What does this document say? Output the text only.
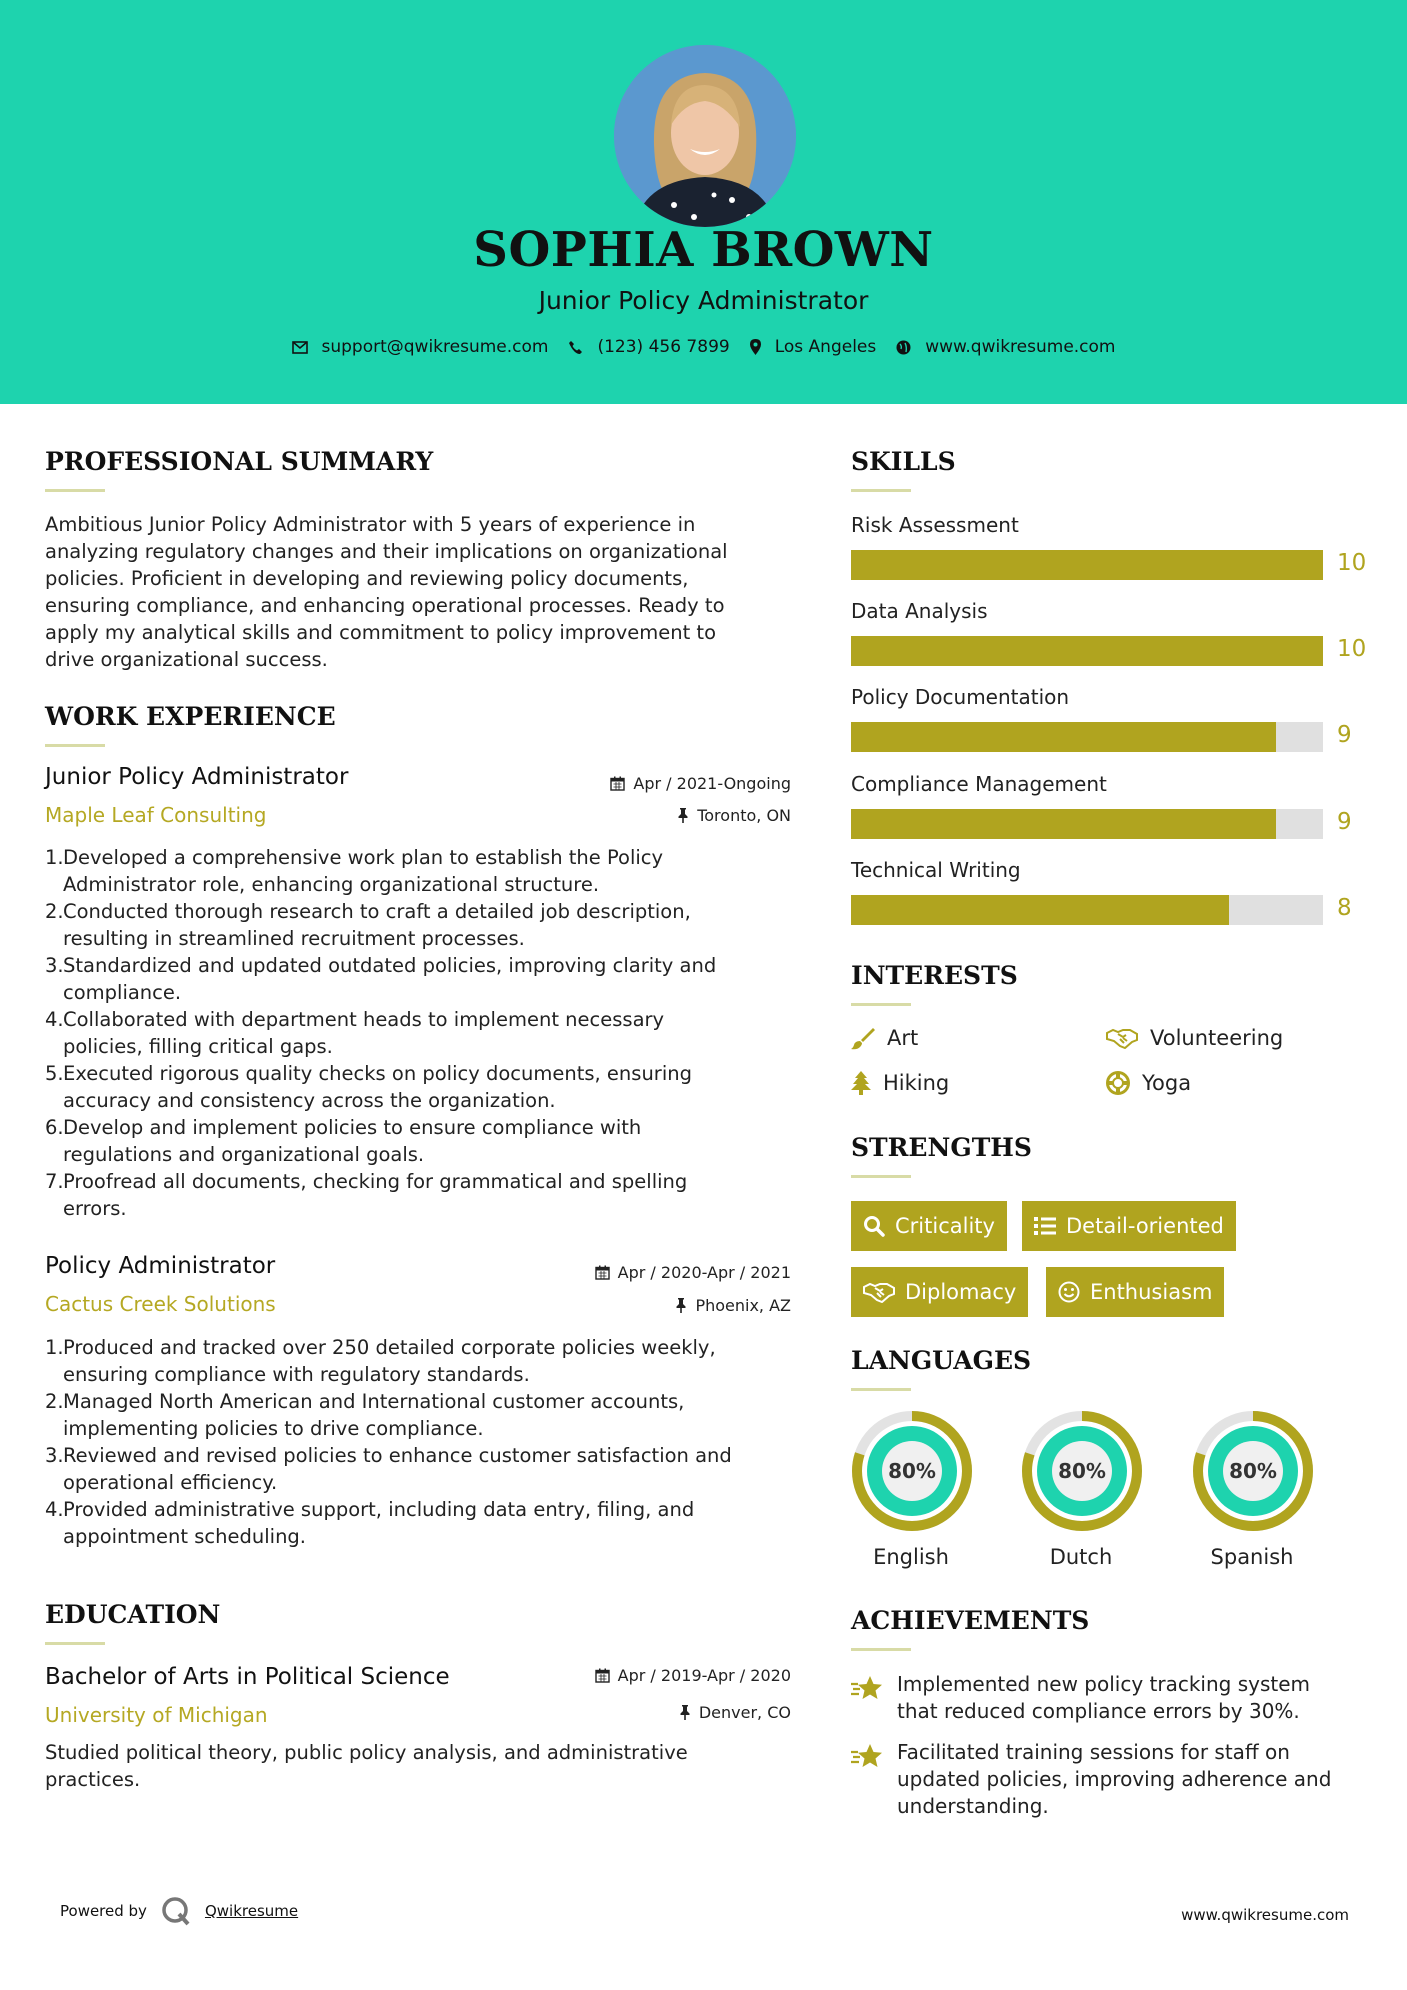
SOPHIA BROWN
Junior Policy Administrator
support@qwikresume.com	(123) 456 7899	Los Angeles	www.qwikresume.com
PROFESSIONAL SUMMARY
Ambitious Junior Policy Administrator with 5 years of experience in
analyzing regulatory changes and their implications on organizational
policies. Proficient in developing and reviewing policy documents,
ensuring compliance, and enhancing operational processes. Ready to
apply my analytical skills and commitment to policy improvement to
drive organizational success.
WORK EXPERIENCE
Junior Policy Administrator	Apr / 2021-Ongoing
Maple Leaf Consulting	Toronto, ON
1. Developed a comprehensive work plan to establish the Policy
Administrator role, enhancing organizational structure.
2. Conducted thorough research to craft a detailed job description,
resulting in streamlined recruitment processes.
3. Standardized and updated outdated policies, improving clarity and
compliance.
4. Collaborated with department heads to implement necessary
policies, filling critical gaps.
5. Executed rigorous quality checks on policy documents, ensuring
accuracy and consistency across the organization.
6. Develop and implement policies to ensure compliance with
regulations and organizational goals.
7. Proofread all documents, checking for grammatical and spelling
errors.
Policy Administrator	Apr / 2020-Apr / 2021
Cactus Creek Solutions	Phoenix, AZ
1. Produced and tracked over 250 detailed corporate policies weekly,
ensuring compliance with regulatory standards.
2. Managed North American and International customer accounts,
implementing policies to drive compliance.
3. Reviewed and revised policies to enhance customer satisfaction and
operational efficiency.
4. Provided administrative support, including data entry, filing, and
appointment scheduling.
EDUCATION
Bachelor of Arts in Political Science	Apr / 2019-Apr / 2020
University of Michigan	Denver, CO
Studied political theory, public policy analysis, and administrative
practices.
SKILLS
Risk Assessment
10
Data Analysis
10
Policy Documentation
9
Compliance Management
9
Technical Writing
8
INTERESTS
Art	Volunteering
Hiking	Yoga
STRENGTHS
Criticality	Detail-oriented
Diplomacy	Enthusiasm
LANGUAGES
80%
English
80%
Dutch
80%
Spanish
ACHIEVEMENTS
Implemented new policy tracking system
that reduced compliance errors by 30%.
Facilitated training sessions for staff on
updated policies, improving adherence and
understanding.
Powered by	Qwikresume	www.qwikresume.com
